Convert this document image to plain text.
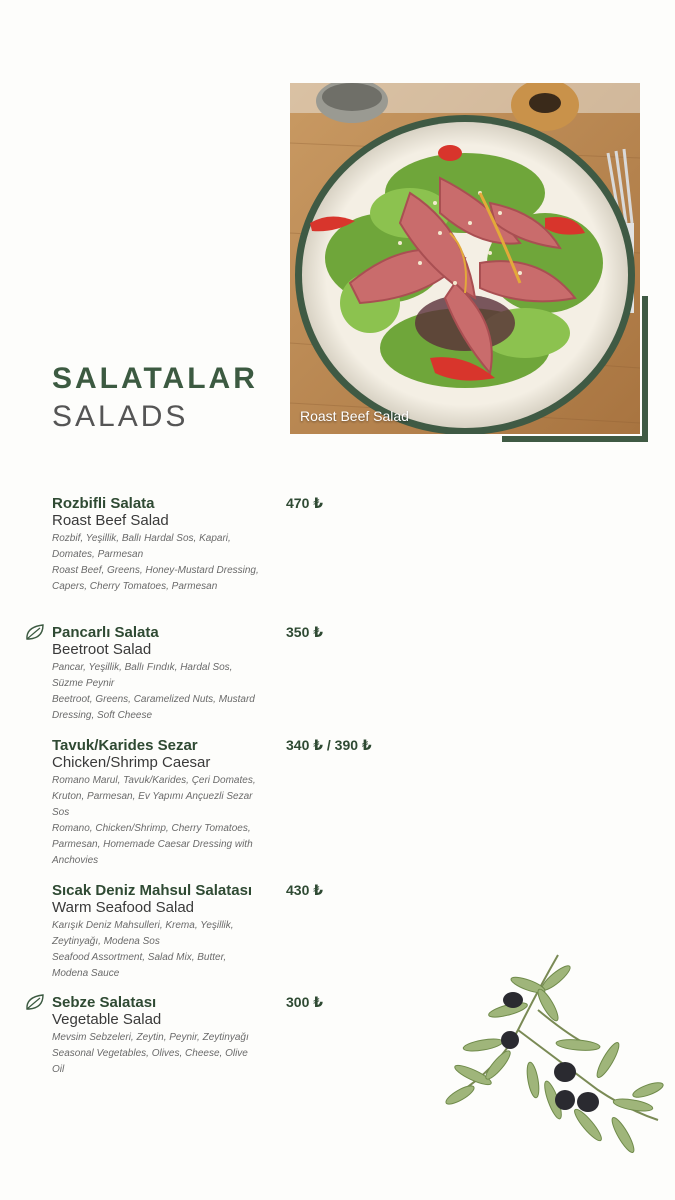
Roast Beef Salad
SALATALAR
SALADS
Rozbifli Salata
Roast Beef Salad
Rozbif, Yeşillik, Ballı Hardal Sos, Kapari, Domates, Parmesan
Roast Beef, Greens, Honey-Mustard Dressing, Capers, Cherry Tomatoes, Parmesan
470 ₺
Pancarlı Salata
Beetroot Salad
Pancar, Yeşillik, Ballı Fındık, Hardal Sos, Süzme Peynir
Beetroot, Greens, Caramelized Nuts, Mustard Dressing, Soft Cheese
350 ₺
Tavuk/Karides Sezar
Chicken/Shrimp Caesar
Romano Marul, Tavuk/Karides, Çeri Domates, Kruton, Parmesan, Ev Yapımı Ançuezli Sezar Sos
Romano, Chicken/Shrimp, Cherry Tomatoes, Parmesan, Homemade Caesar Dressing with Anchovies
340 ₺ / 390 ₺
Sıcak Deniz Mahsul Salatası
Warm Seafood Salad
Karışık Deniz Mahsulleri, Krema, Yeşillik, Zeytinyağı, Modena Sos
Seafood Assortment, Salad Mix, Butter, Modena Sauce
430 ₺
Sebze Salatası
Vegetable Salad
Mevsim Sebzeleri, Zeytin, Peynir, Zeytinyağı
Seasonal Vegetables, Olives, Cheese, Olive Oil
300 ₺
